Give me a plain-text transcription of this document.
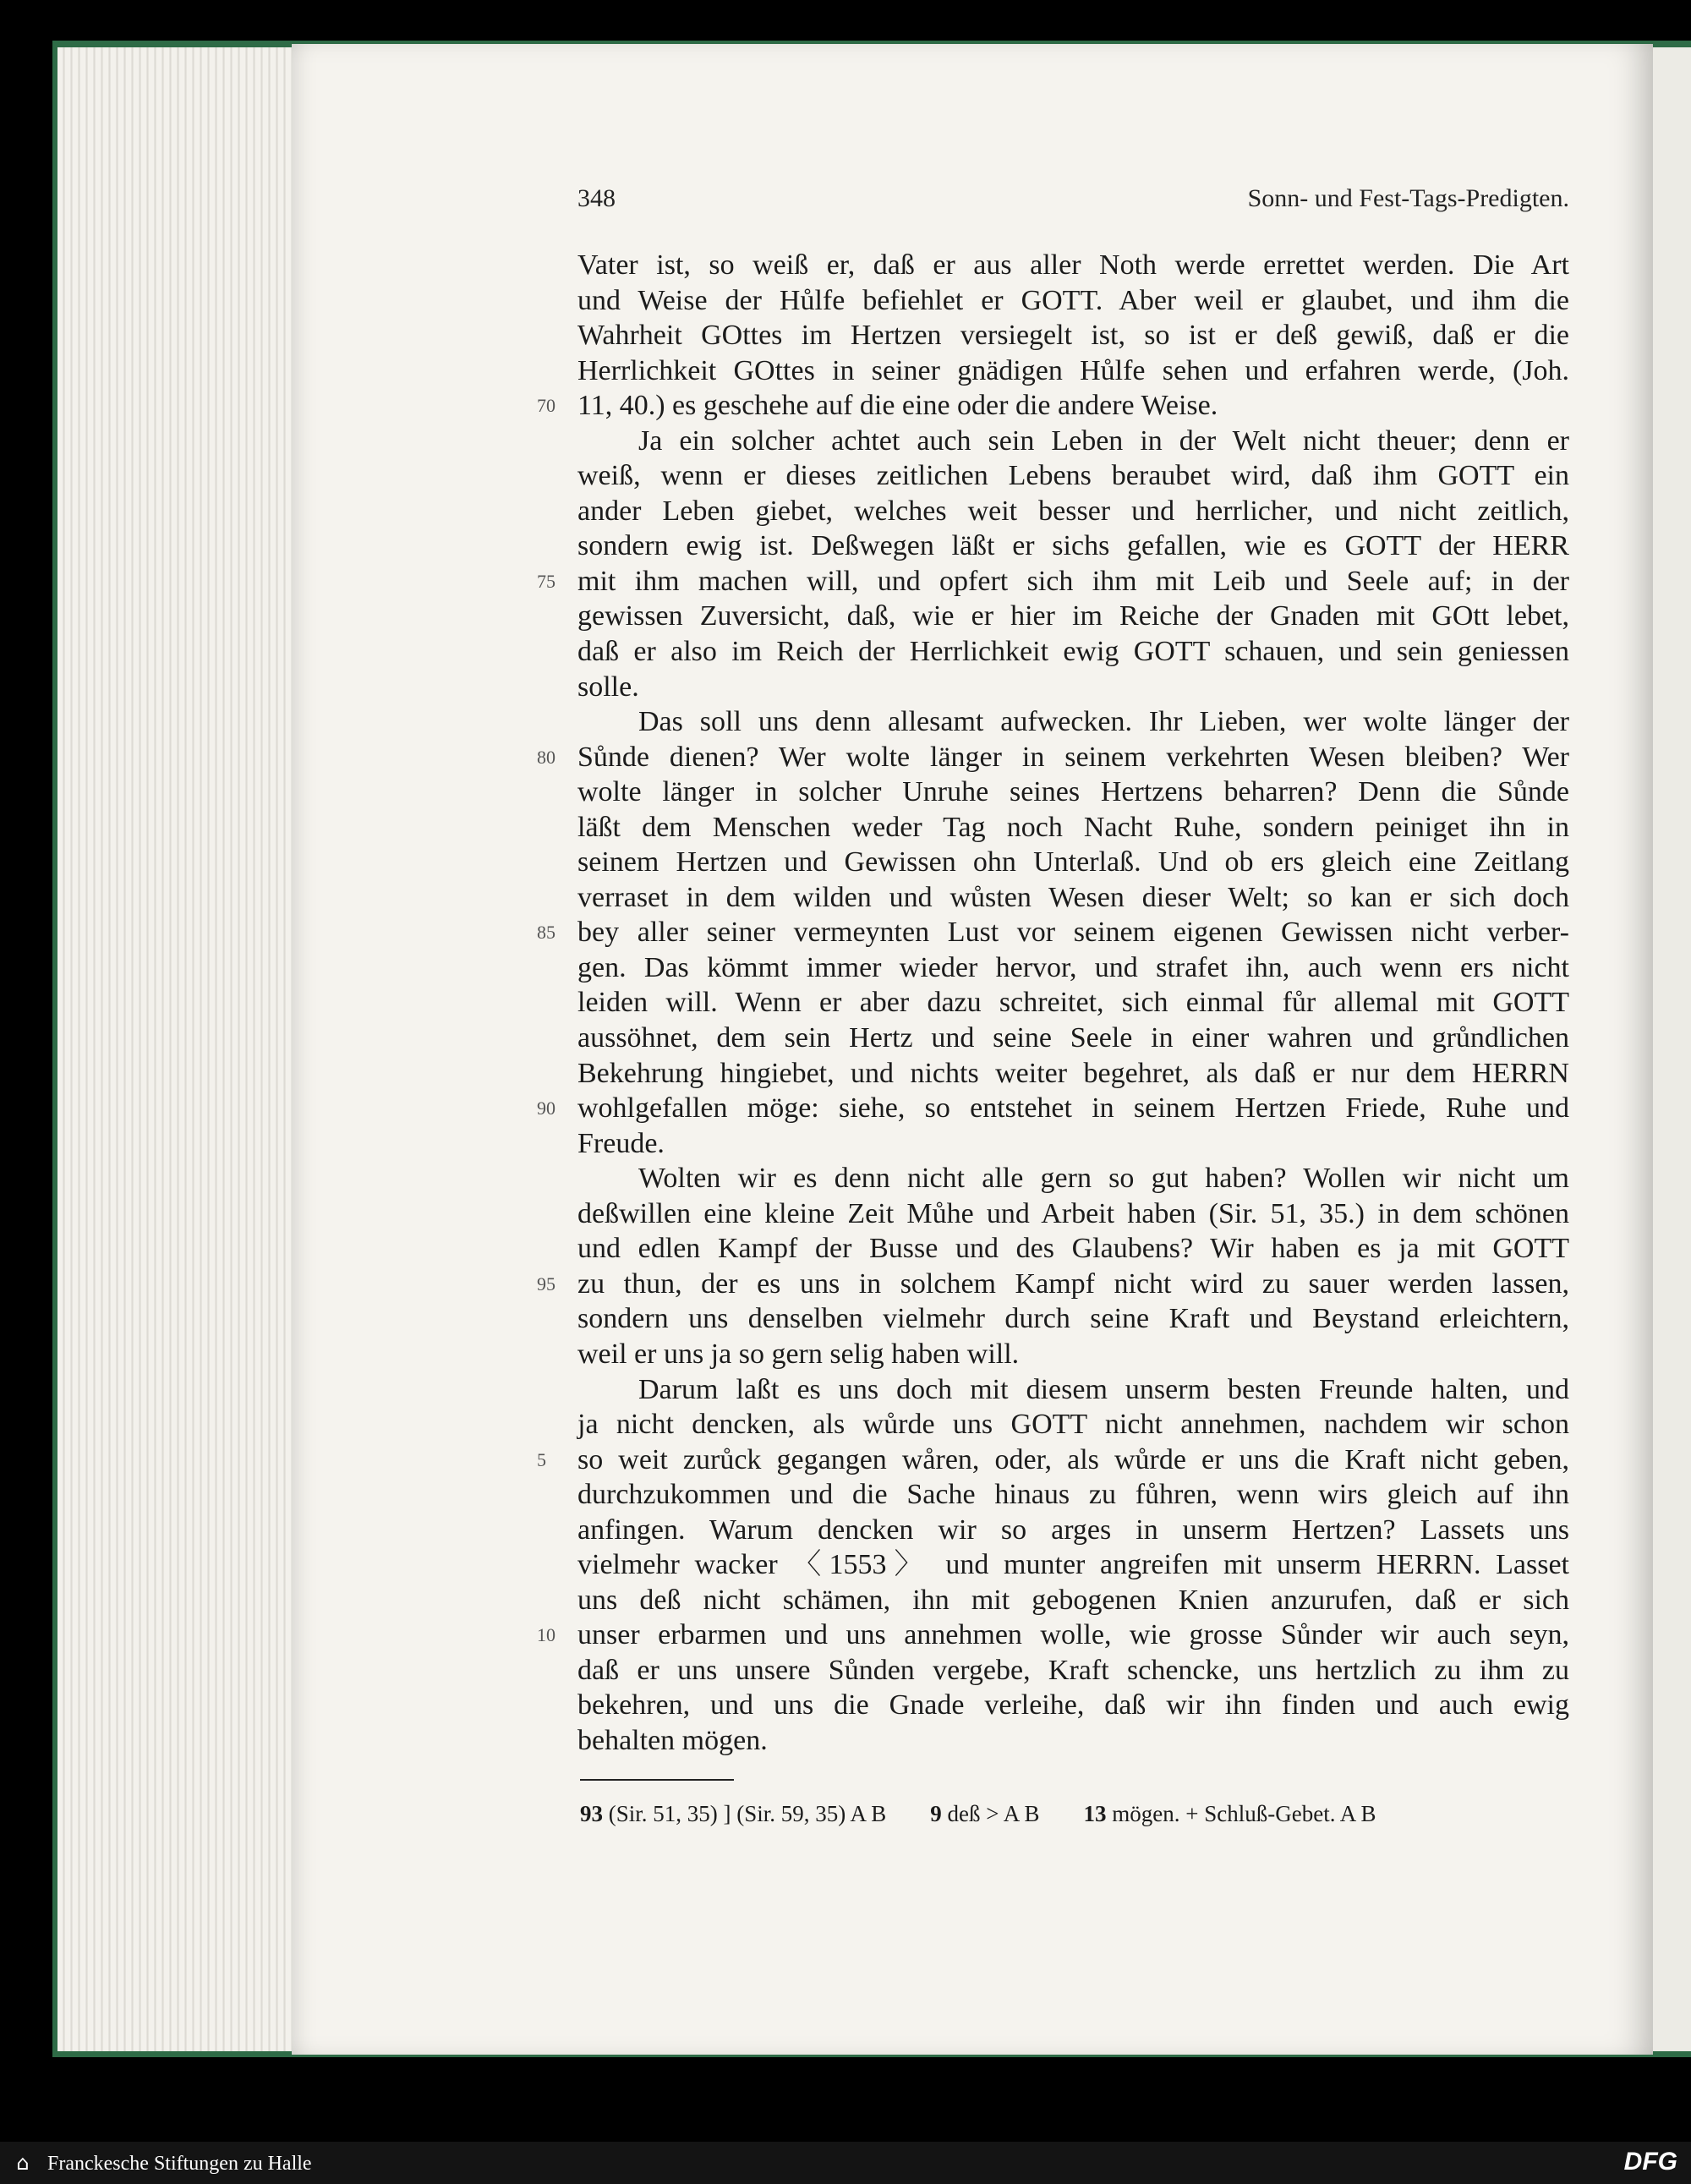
348	Sonn- und Fest-Tags-Predigten.
Vater ist, so weiß er, daß er aus aller Noth werde errettet werden. Die Art
und Weise der Hůlfe befiehlet er GOTT. Aber weil er glaubet, und ihm die
Wahrheit GOttes im Hertzen versiegelt ist, so ist er deß gewiß, daß er die
Herrlichkeit GOttes in seiner gnädigen Hůlfe sehen und erfahren werde, (Joh.
70 11, 40.) es geschehe auf die eine oder die andere Weise.
Ja ein solcher achtet auch sein Leben in der Welt nicht theuer; denn er
weiß, wenn er dieses zeitlichen Lebens beraubet wird, daß ihm GOTT ein
ander Leben giebet, welches weit besser und herrlicher, und nicht zeitlich,
sondern ewig ist. Deßwegen läßt er sichs gefallen, wie es GOTT der HERR
75 mit ihm machen will, und opfert sich ihm mit Leib und Seele auf; in der
gewissen Zuversicht, daß, wie er hier im Reiche der Gnaden mit GOtt lebet,
daß er also im Reich der Herrlichkeit ewig GOTT schauen, und sein geniessen
solle.
Das soll uns denn allesamt aufwecken. Ihr Lieben, wer wolte länger der
80 Sůnde dienen? Wer wolte länger in seinem verkehrten Wesen bleiben? Wer
wolte länger in solcher Unruhe seines Hertzens beharren? Denn die Sůnde
läßt dem Menschen weder Tag noch Nacht Ruhe, sondern peiniget ihn in
seinem Hertzen und Gewissen ohn Unterlaß. Und ob ers gleich eine Zeitlang
verraset in dem wilden und wůsten Wesen dieser Welt; so kan er sich doch
85 bey aller seiner vermeynten Lust vor seinem eigenen Gewissen nicht verber-
gen. Das kömmt immer wieder hervor, und strafet ihn, auch wenn ers nicht
leiden will. Wenn er aber dazu schreitet, sich einmal fůr allemal mit GOTT
aussöhnet, dem sein Hertz und seine Seele in einer wahren und grůndlichen
Bekehrung hingiebet, und nichts weiter begehret, als daß er nur dem HERRN
90 wohlgefallen möge: siehe, so entstehet in seinem Hertzen Friede, Ruhe und
Freude.
Wolten wir es denn nicht alle gern so gut haben? Wollen wir nicht um
deßwillen eine kleine Zeit Můhe und Arbeit haben (Sir. 51, 35.) in dem schönen
und edlen Kampf der Busse und des Glaubens? Wir haben es ja mit GOTT
95 zu thun, der es uns in solchem Kampf nicht wird zu sauer werden lassen,
sondern uns denselben vielmehr durch seine Kraft und Beystand erleichtern,
weil er uns ja so gern selig haben will.
Darum laßt es uns doch mit diesem unserm besten Freunde halten, und
ja nicht dencken, als wůrde uns GOTT nicht annehmen, nachdem wir schon
5	so weit zurůck gegangen wåren, oder, als wůrde er uns die Kraft nicht geben,
durchzukommen und die Sache hinaus zu fůhren, wenn wirs gleich auf ihn
anfingen. Warum dencken wir so arges in unserm Hertzen? Lassets uns
vielmehr wacker 〈1553〉 und munter angreifen mit unserm HERRN. Lasset
uns deß nicht schämen, ihn mit gebogenen Knien anzurufen, daß er sich
10 unser erbarmen und uns annehmen wolle, wie grosse Sůnder wir auch seyn,
daß er uns unsere Sůnden vergebe, Kraft schencke, uns hertzlich zu ihm zu
bekehren, und uns die Gnade verleihe, daß wir ihn finden und auch ewig
behalten mögen.
93 (Sir. 51, 35) ] (Sir. 59, 35) A B 9 deß > A B 13 mögen. + Schluß-Gebet. A B
⌂ Franckesche Stiftungen zu Halle	DFG
